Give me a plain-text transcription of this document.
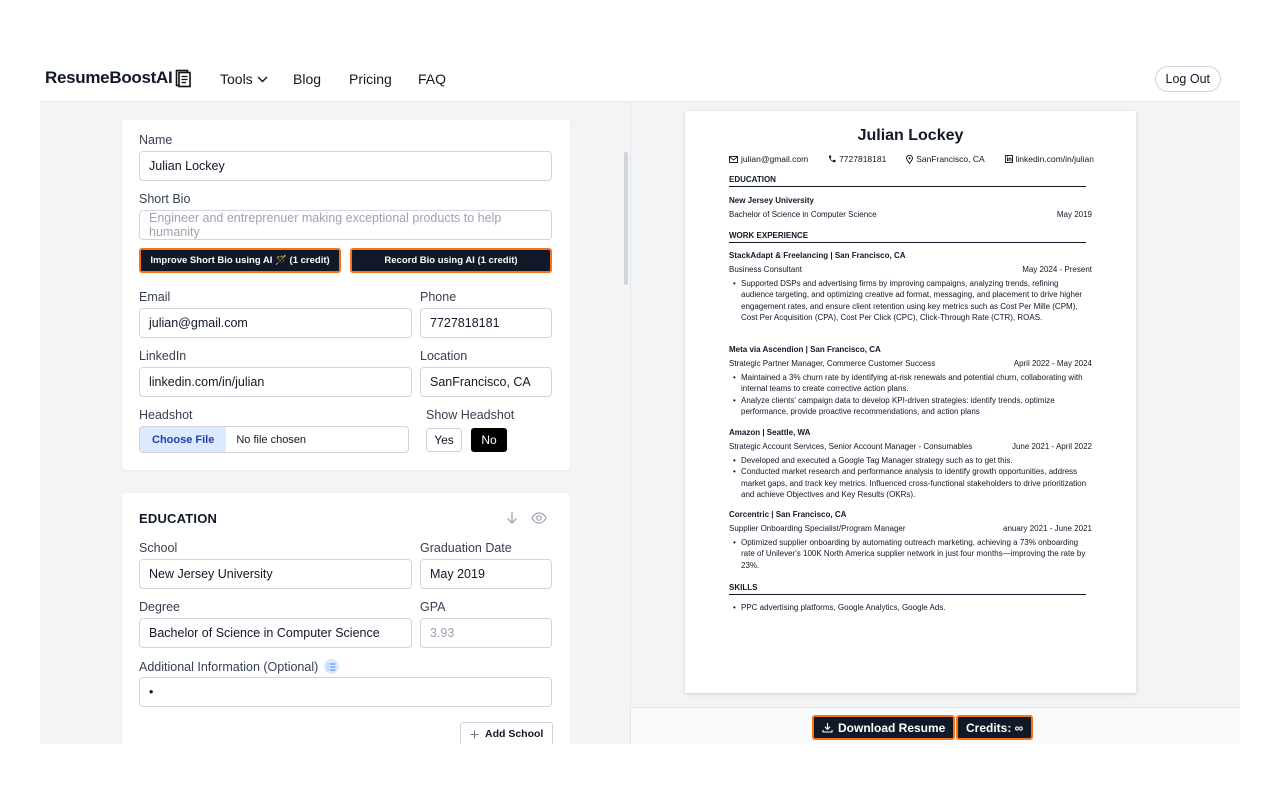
ResumeBoostAI	Tools	Blog Pricing FAQ	Log Out
Name
Julian Lockey
Short Bio
Engineer and entreprenuer making exceptional products to help humanity
Improve Short Bio using AI 🪄 (1 credit)	Record Bio using AI (1 credit)
Email
julian@gmail.com
Phone
7727818181
LinkedIn
linkedin.com/in/julian
Location
SanFrancisco, CA
Headshot
Choose File	No file chosen
Show Headshot
Yes	No
EDUCATION
School
New Jersey University
Graduation Date
May 2019
Degree
Bachelor of Science in Computer Science
GPA
3.93
Additional Information (Optional)
•
Add School
Julian Lockey
julian@gmail.com	7727818181	SanFrancisco, CA	linkedin.com/in/julian
EDUCATION
New Jersey University
Bachelor of Science in Computer Science	May 2019
WORK EXPERIENCE
StackAdapt & Freelancing | San Francisco, CA
Business Consultant	May 2024 - Present
• Supported DSPs and advertising firms by improving campaigns, analyzing trends, refining audience targeting, and optimizing creative ad format, messaging, and placement to drive higher engagement rates, and ensure client retention using key metrics such as Cost Per Mille (CPM), Cost Per Acquisition (CPA), Cost Per Click (CPC), Click-Through Rate (CTR), ROAS.
Meta via Ascendion | San Francisco, CA
Strategic Partner Manager, Commerce Customer Success	April 2022 - May 2024
• Maintained a 3% churn rate by identifying at-risk renewals and potential churn, collaborating with internal teams to create corrective action plans.
• Analyze clients' campaign data to develop KPI-driven strategies: identify trends, optimize performance, provide proactive recommendations, and action plans
Amazon | Seattle, WA
Strategic Account Services, Senior Account Manager - Consumables	June 2021 - April 2022
• Developed and executed a Google Tag Manager strategy such as to get this.
• Conducted market research and performance analysis to identify growth opportunities, address market gaps, and track key metrics. Influenced cross-functional stakeholders to drive prioritization and achieve Objectives and Key Results (OKRs).
Corcentric | San Francisco, CA
Supplier Onboarding Specialist/Program Manager	anuary 2021 - June 2021
• Optimized supplier onboarding by automating outreach marketing, achieving a 73% onboarding rate of Unilever's 100K North America supplier network in just four months—improving the rate by 23%.
SKILLS
• PPC advertising platforms, Google Analytics, Google Ads.
Download Resume	Credits: ∞
